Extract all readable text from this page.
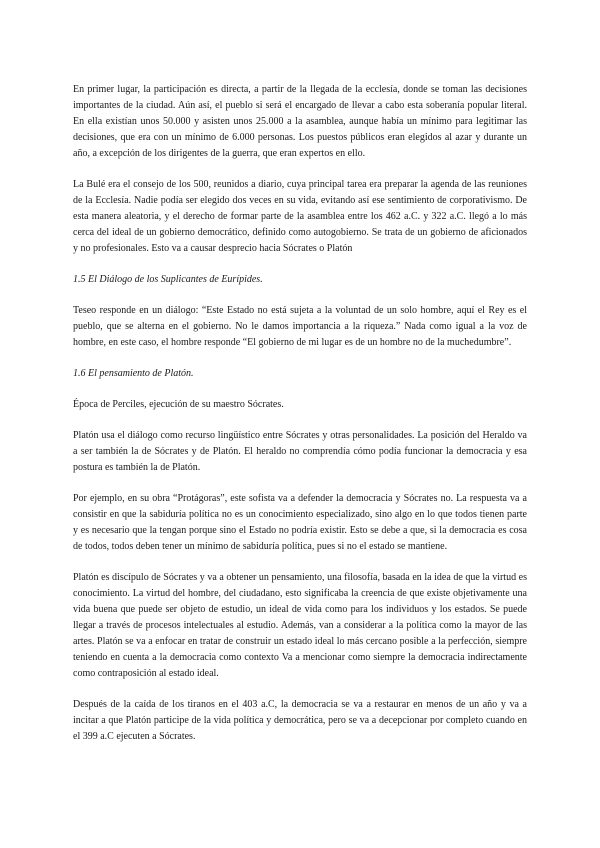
En primer lugar, la participación es directa, a partir de la llegada de la ecclesía, donde se toman las decisiones importantes de la ciudad. Aún así, el pueblo si será el encargado de llevar a cabo esta soberanía popular literal. En ella existían unos 50.000 y asisten unos 25.000 a la asamblea, aunque había un mínimo para legitimar las decisiones, que era con un mínimo de 6.000 personas. Los puestos públicos eran elegidos al azar y durante un año, a excepción de los dirigentes de la guerra, que eran expertos en ello.

La Bulé era el consejo de los 500, reunidos a diario, cuya principal tarea era preparar la agenda de las reuniones de la Ecclesía. Nadie podía ser elegido dos veces en su vida, evitando así ese sentimiento de corporativismo. De esta manera aleatoria, y el derecho de formar parte de la asamblea entre los 462 a.C. y 322 a.C. llegó a lo más cerca del ideal de un gobierno democrático, definido como autogobierno. Se trata de un gobierno de aficionados y no profesionales. Esto va a causar desprecio hacia Sócrates o Platón

1.5 El Diálogo de los Suplicantes de Eurípides.

Teseo responde en un diálogo: “Este Estado no está sujeta a la voluntad de un solo hombre, aquí el Rey es el pueblo, que se alterna en el gobierno. No le damos importancia a la riqueza.” Nada como igual a la voz de hombre, en este caso, el hombre responde “El gobierno de mi lugar es de un hombre no de la muchedumbre”.

1.6 El pensamiento de Platón.

Época de Perciles, ejecución de su maestro Sócrates.

Platón usa el diálogo como recurso lingüístico entre Sócrates y otras personalidades. La posición del Heraldo va a ser también la de Sócrates y de Platón. El heraldo no comprendía cómo podía funcionar la democracia y esa postura es también la de Platón.

Por ejemplo, en su obra “Protágoras”, este sofista va a defender la democracia y Sócrates no. La respuesta va a consistir en que la sabiduría política no es un conocimiento especializado, sino algo en lo que todos tienen parte y es necesario que la tengan porque sino el Estado no podría existir. Esto se debe a que, si la democracia es cosa de todos, todos deben tener un mínimo de sabiduría política, pues si no el estado se mantiene.

Platón es discípulo de Sócrates y va a obtener un pensamiento, una filosofía, basada en la idea de que la virtud es conocimiento. La virtud del hombre, del ciudadano, esto significaba la creencia de que existe objetivamente una vida buena que puede ser objeto de estudio, un ideal de vida como para los individuos y los estados. Se puede llegar a través de procesos intelectuales al estudio. Además, van a considerar a la política como la mayor de las artes. Platón se va a enfocar en tratar de construir un estado ideal lo más cercano posible a la perfección, siempre teniendo en cuenta a la democracia como contexto Va a mencionar como siempre la democracia indirectamente como contraposición al estado ideal.

Después de la caída de los tiranos en el 403 a.C, la democracia se va a restaurar en menos de un año y va a incitar a que Platón participe de la vida política y democrática, pero se va a decepcionar por completo cuando en el 399 a.C ejecuten a Sócrates.
